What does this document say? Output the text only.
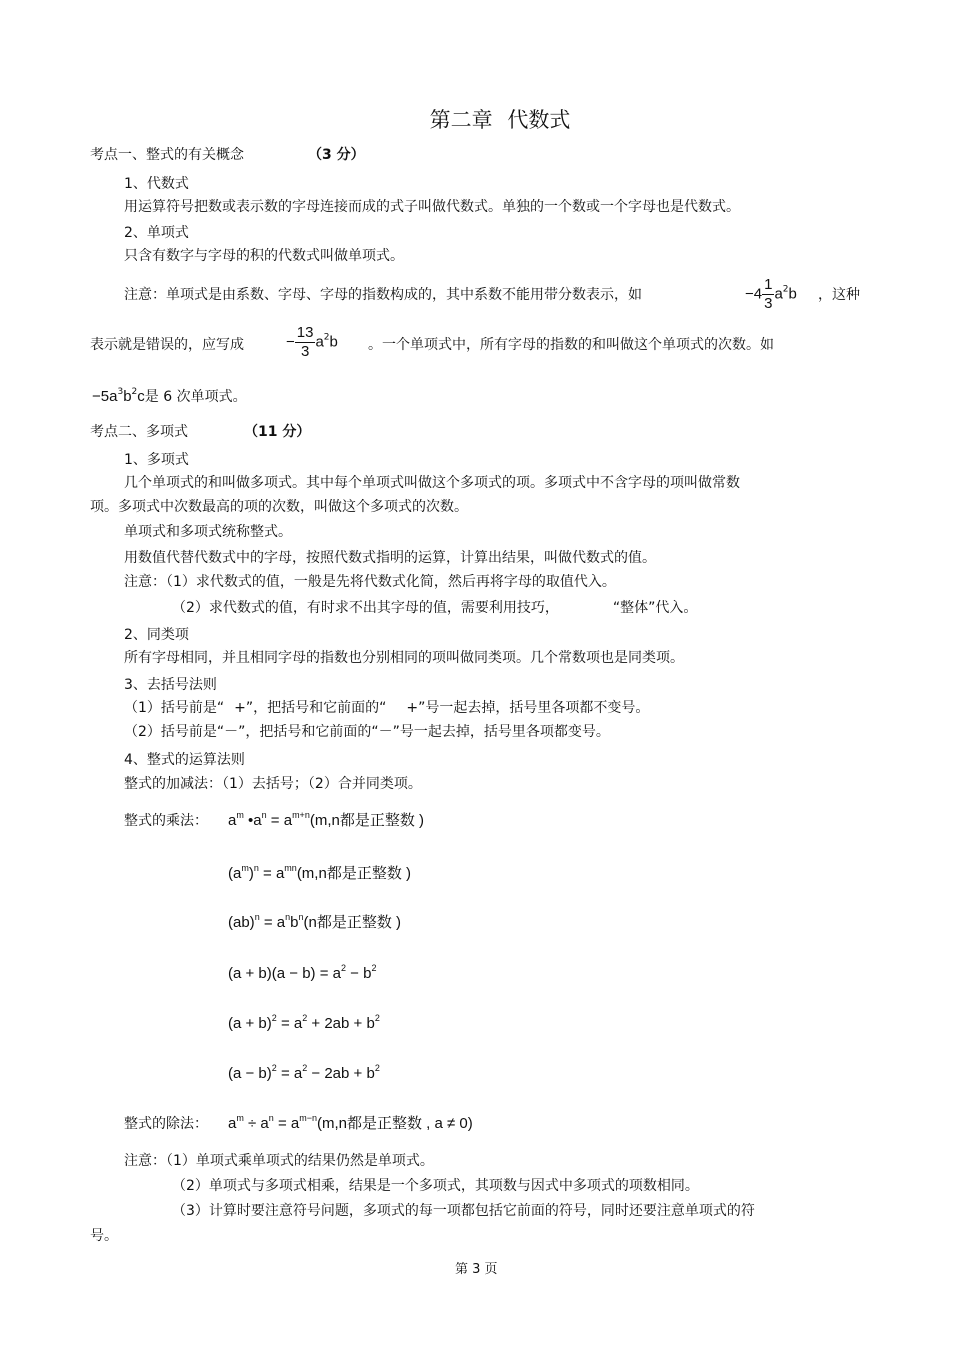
第二章 代数式
考点一、整式的有关概念	（3 分）
1、代数式
用运算符号把数或表示数的字母连接而成的式子叫做代数式。单独的一个数或一个字母也是代数式。
2、单项式
只含有数字与字母的积的代数式叫做单项式。
注意：单项式是由系数、字母、字母的指数构成的，其中系数不能用带分数表示，如	$-4 \frac{1}{3} a^2b$ ，这种
表示就是错误的，应写成	− $\frac{13}{3} a^2b$ 。一个单项式中，所有字母的指数的和叫做这个单项式的次数。如
$-5a^3b^2c$是 6 次单项式。
考点二、多项式	（11 分）
1、多项式
几个单项式的和叫做多项式。其中每个单项式叫做这个多项式的项。多项式中不含字母的项叫做常数
项。多项式中次数最高的项的次数，叫做这个多项式的次数。
单项式和多项式统称整式。
用数值代替代数式中的字母，按照代数式指明的运算，计算出结果，叫做代数式的值。
注意：（1）求代数式的值，一般是先将代数式化简，然后再将字母的取值代入。
（2）求代数式的值，有时求不出其字母的值，需要利用技巧，	“整体”代入。
2、同类项
所有字母相同，并且相同字母的指数也分别相同的项叫做同类项。几个常数项也是同类项。
3、去括号法则
（1）括号前是“ +”，把括号和它前面的“ +”号一起去掉，括号里各项都不变号。
（2）括号前是“－”，把括号和它前面的“－”号一起去掉，括号里各项都变号。
4、整式的运算法则
整式的加减法：（1）去括号；（2）合并同类项。
整式的乘法： $a^m$ $•a^n = a^{m+n}(m,n$都是正整数 )
$(a^m)^n = a^{mn}(m,n$都是正整数 )
$(ab)^n = a^nb^n(n$都是正整数 )
$(a + b)(a - b) = a^2 - b^2$
$(a + b)^2 = a^2 + 2ab + b^2$
$(a - b)^2 = a^2 - 2ab + b^2$
整式的除法： $a^m \div a^n = a^{m-n}(m,n$都是正整数 , a ≠ 0)
注意：（1）单项式乘单项式的结果仍然是单项式。
（2）单项式与多项式相乘，结果是一个多项式，其项数与因式中多项式的项数相同。
（3）计算时要注意符号问题，多项式的每一项都包括它前面的符号，同时还要注意单项式的符
号。
第 3 页
